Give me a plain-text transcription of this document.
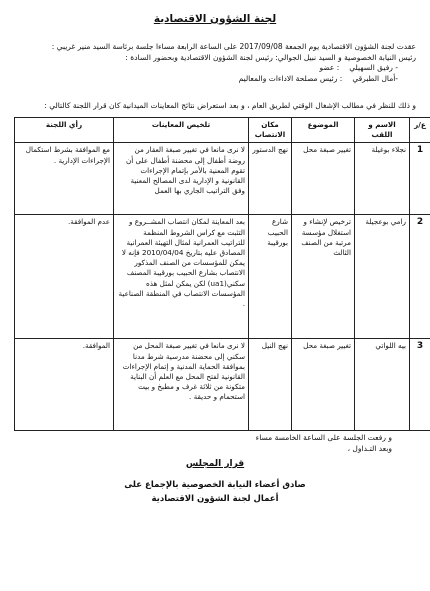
لجنة الشؤون الاقتصادية
عقدت لجنة الشؤون الاقتصادية يوم الجمعة 2017/09/08 على الساعة الرابعة مساءا جلسة برئاسة السيد منير غريبي :
رئيس النيابة الخصوصية و السيد نبيل الجوالي: رئيس لجنة الشؤون الاقتصادية وبحضور السادة :
- رفيق السهيلي: عضو
-أمال الطبرقي: رئيس مصلحة الاداءات والمعاليم
و ذلك للنظر في مطالب الإشغال الوقتي لطريق العام ، و بعد استعراض نتائج المعاينات الميدانية كان قرار اللجنة كالتالي :
ع/ر	الاسم و اللقب	الموضوع	مكان الانتصاب	تلخيص المعاينات	رأي اللجنة
1	نجلاء بوغيلة	تغيير صبغة محل	نهج الدستور	لا نرى مانعا في تغيير صبغة العقار من روضة أطفال إلى محضنة أطفال على أن تقوم المعنية بالأمر بإتمام الإجراءات القانونية و الإدارية لدى المصالح المعنية وفق التراتيب الجاري بها العمل	مع الموافقة بشرط استكمال الإجراءات الإدارية .
2	رامي بوعجيلة	ترخيص لإنشاء و استغلال مؤسسة مرتبة من الصنف الثالث	شارع الحبيب بورقيبة	بعد المعاينة لمكان انتصاب المشــروع و التثبت مع كراس الشروط المنظمة للتراتيب العمرانية لمثال التهيئة العمرانية المصادق عليه بتاريخ 2010/04/04 فإنه لا يمكن للمؤسسات من الصنف المذكور الانتصاب بشارع الحبيب بورقيبة المصنف سكني(ua1) لكن يمكن لمثل هذه المؤسسات الانتصاب في المنطقة الصناعية .	عدم الموافقة.
3	بيه اللواتي	تغيير صبغة محل	نهج النيل	لا نرى مانعا في تغيير صبغة المحل من سكني إلى محضنة مدرسية شرط مدنا بموافقة الحماية المدنية و إتمام الإجراءات القانونية لفتح المحل مع العلم أن البناية متكونة من ثلاثة غرف و مطبخ و بيت استحمام و حديقة .	الموافقة.
و رفعت الجلسة على الساعة الخامسة مساء
وبعد التـداول ،
قرار المجلس
صادق أعضاء النيابة الخصوصية بالإجماع على
أعمال لجنة الشؤون الاقتصادية
